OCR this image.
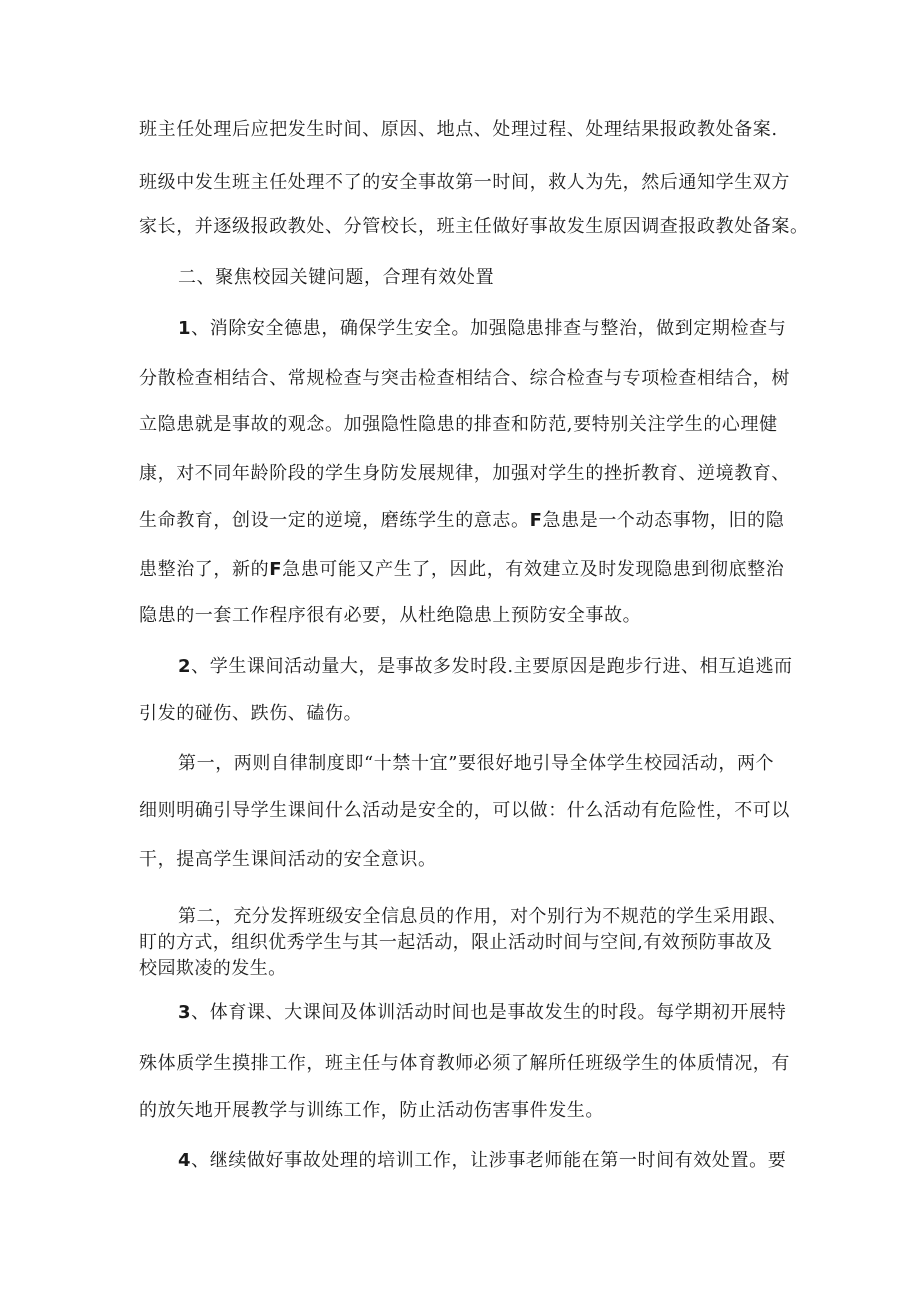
班主任处理后应把发生时间、原因、地点、处理过程、处理结果报政教处备案.
班级中发生班主任处理不了的安全事故第一时间，救人为先，然后通知学生双方
家长，并逐级报政教处、分管校长，班主任做好事故发生原因调查报政教处备案。
二、聚焦校园关键问题，合理有效处置
1、消除安全德患，确保学生安全。加强隐患排查与整治，做到定期检查与
分散检查相结合、常规检查与突击检查相结合、综合检查与专项检查相结合，树
立隐患就是事故的观念。加强隐性隐患的排查和防范,要特别关注学生的心理健
康，对不同年龄阶段的学生身防发展规律，加强对学生的挫折教育、逆境教育、
生命教育，创设一定的逆境，磨练学生的意志。F急患是一个动态事物，旧的隐
患整治了，新的F急患可能又产生了，因此，有效建立及时发现隐患到彻底整治
隐患的一套工作程序很有必要，从杜绝隐患上预防安全事故。
2、学生课间活动量大，是事故多发时段.主要原因是跑步行进、相互追逃而
引发的碰伤、跌伤、磕伤。
第一，两则自律制度即“十禁十宜”要很好地引导全体学生校园活动，两个
细则明确引导学生课间什么活动是安全的，可以做：什么活动有危险性，不可以
干，提高学生课间活动的安全意识。
第二，充分发挥班级安全信息员的作用，对个别行为不规范的学生采用跟、
盯的方式，组织优秀学生与其一起活动，限止活动时间与空间,有效预防事故及
校园欺凌的发生。
3、体育课、大课间及体训活动时间也是事故发生的时段。每学期初开展特
殊体质学生摸排工作，班主任与体育教师必须了解所任班级学生的体质情况，有
的放矢地开展教学与训练工作，防止活动伤害事件发生。
4、继续做好事故处理的培训工作，让涉事老师能在第一时间有效处置。要
